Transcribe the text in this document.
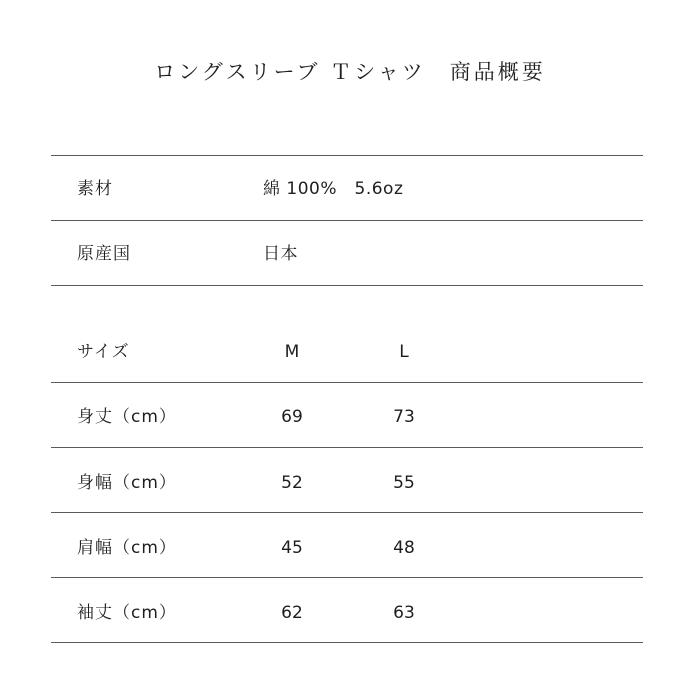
ロングスリーブ Ｔシャツ　商品概要
素材	綿 100%　5.6oz
原産国	日本
サイズ	M	L
身丈（cm）	69	73
身幅（cm）	52	55
肩幅（cm）	45	48
袖丈（cm）	62	63
